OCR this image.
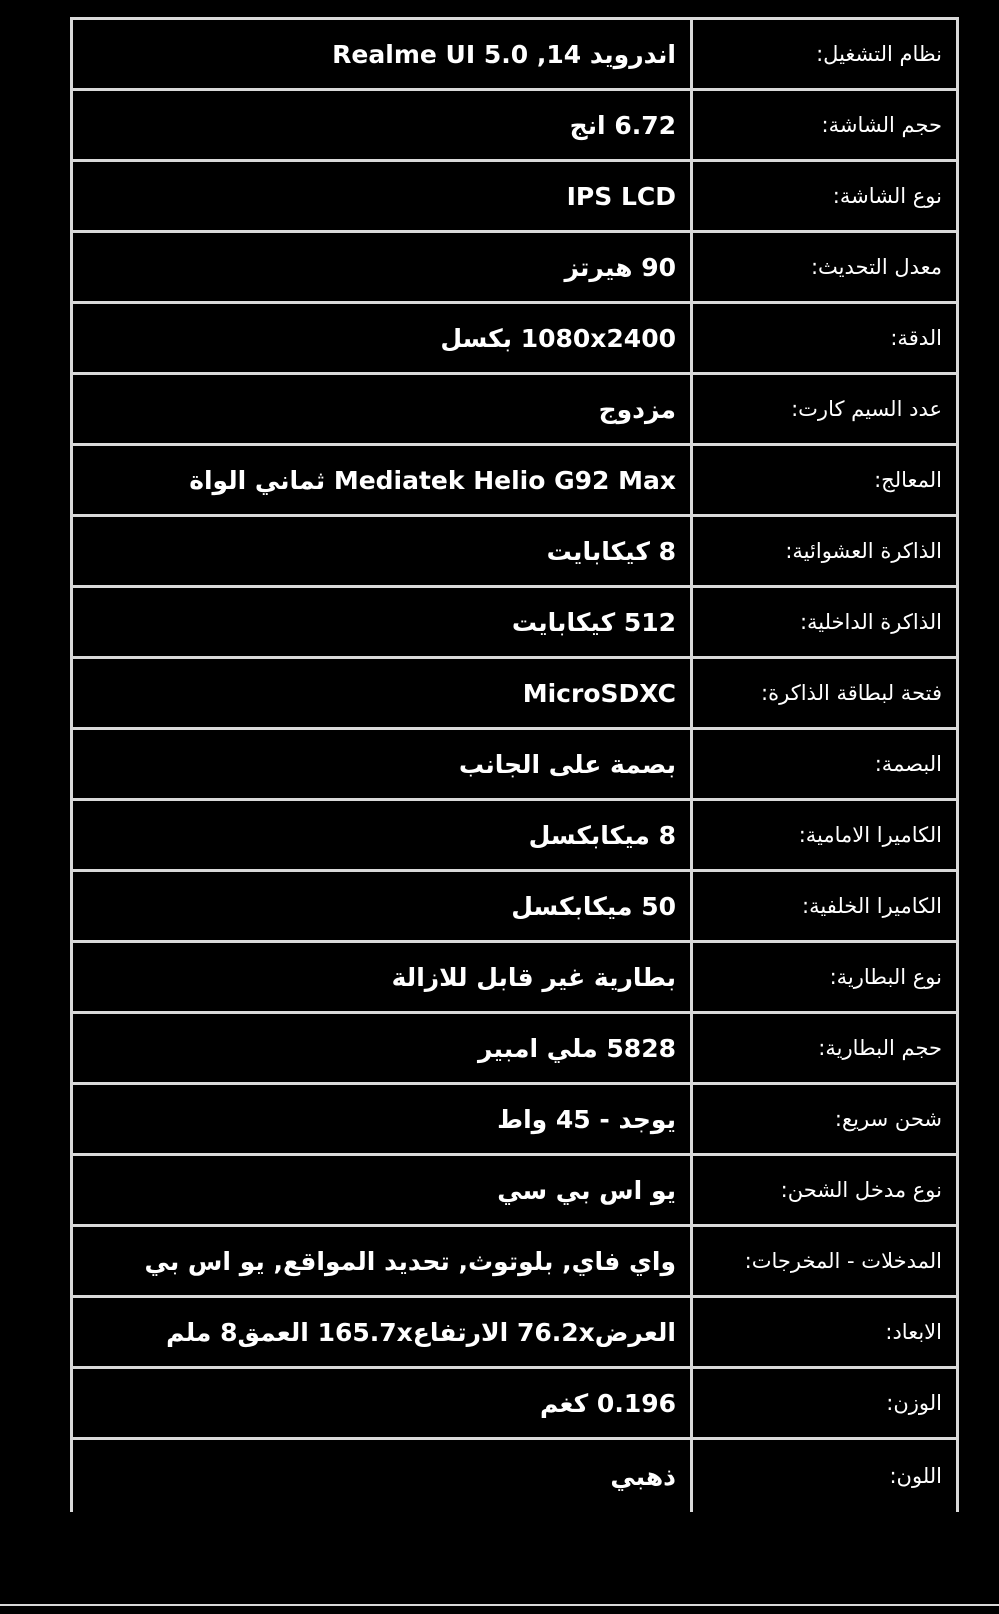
نظام التشغيل:	اندرويد 14, Realme UI 5.0
حجم الشاشة:	6.72 انج
نوع الشاشة:	IPS LCD
معدل التحديث:	90 هيرتز
الدقة:	1080x2400 بكسل
عدد السيم كارت:	مزدوج
المعالج:	Mediatek Helio G92 Max ثماني الواة
الذاكرة العشوائية:	8 كيكابايت
الذاكرة الداخلية:	512 كيكابايت
فتحة لبطاقة الذاكرة:	MicroSDXC
البصمة:	بصمة على الجانب
الكاميرا الامامية:	8 ميكابكسل
الكاميرا الخلفية:	50 ميكابكسل
نوع البطارية:	بطارية غير قابل للازالة
حجم البطارية:	5828 ملي امبير
شحن سريع:	يوجد - 45 واط
نوع مدخل الشحن:	يو اس بي سي
المدخلات - المخرجات:	واي فاي, بلوتوث, تحديد المواقع, يو اس بي
الابعاد:	العرض76.2x الارتفاع165.7x العمق8 ملم
الوزن:	0.196 كغم
اللون:	ذهبي
